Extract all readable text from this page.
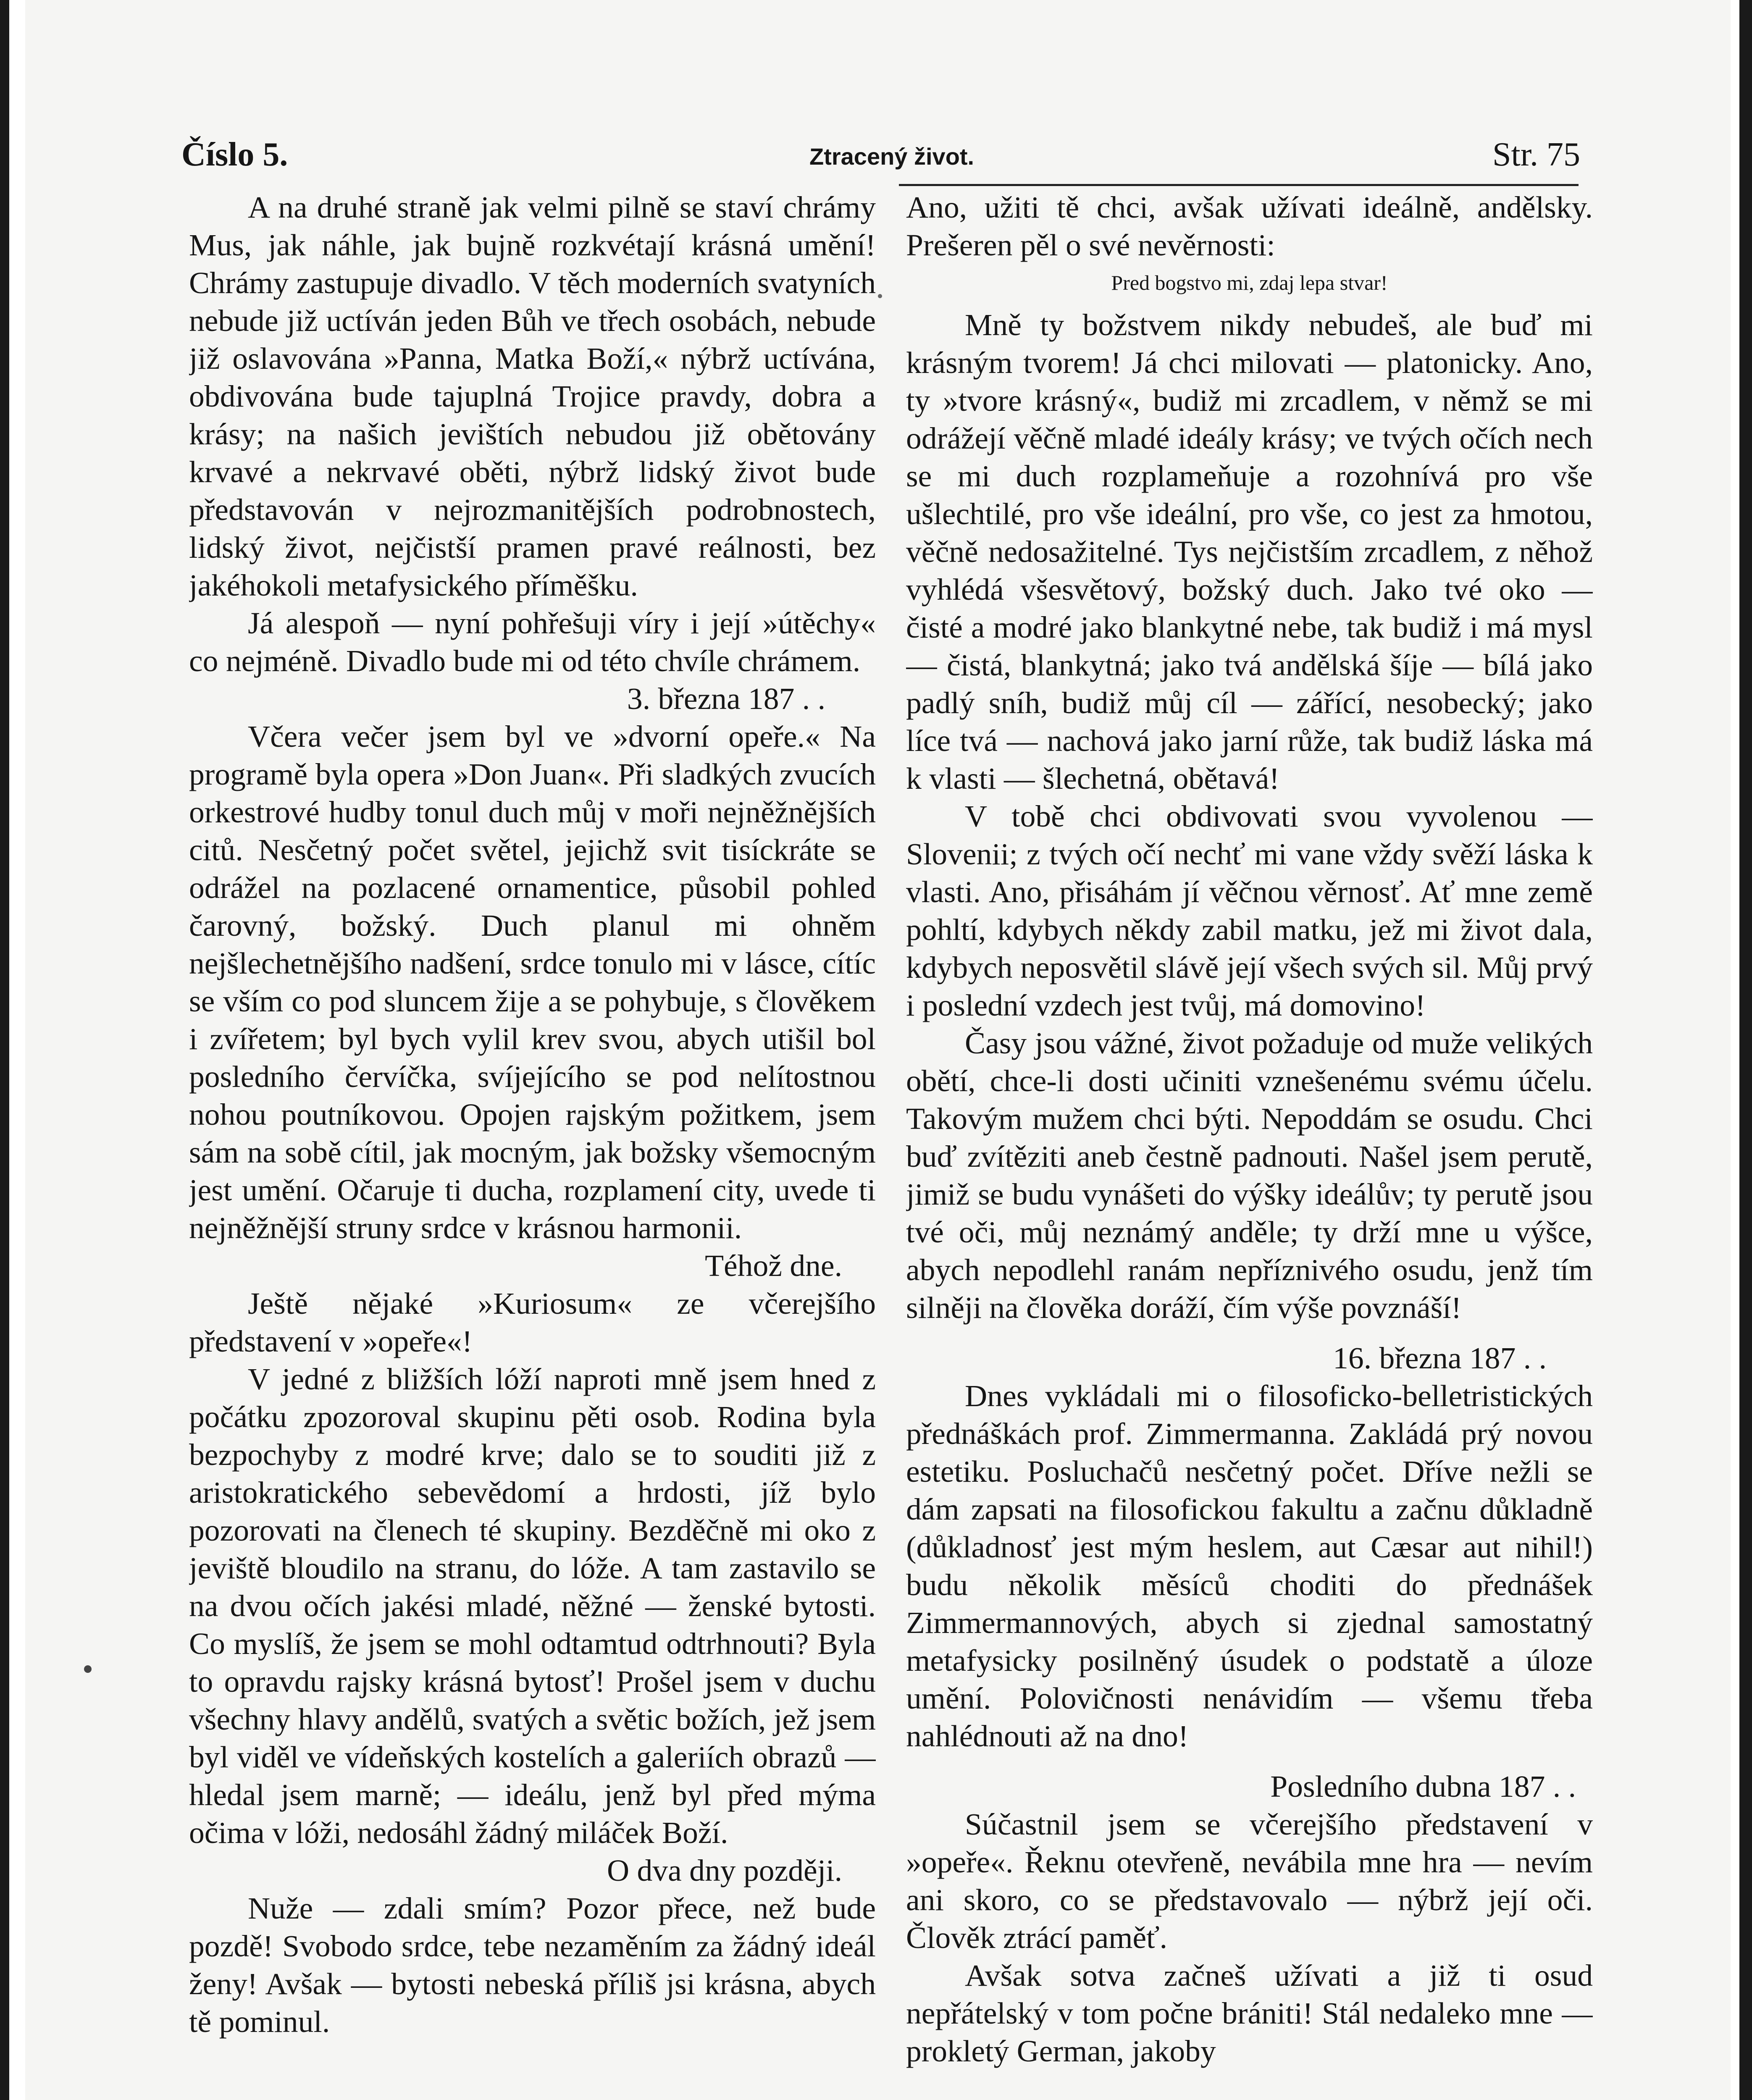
Číslo 5.	Ztracený život.	Str. 75

A na druhé straně jak velmi pilně se staví chrámy Mus, jak náhle, jak bujně rozkvétají krásná umění! Chrámy zastupuje divadlo. V těch moderních svatyních nebude již uctíván jeden Bůh ve třech osobách, nebude již oslavována »Panna, Matka Boží,« nýbrž uctívána, obdivována bude tajuplná Trojice pravdy, dobra a krásy; na našich jevištích nebudou již obětovány krvavé a nekrvavé oběti, nýbrž lidský život bude představován v nejrozmanitějších podrobnostech, lidský život, nejčistší pramen pravé reálnosti, bez jakéhokoli metafysického příměšku.

Já alespoň — nyní pohřešuji víry i její »útěchy« co nejméně. Divadlo bude mi od této chvíle chrámem.

3. března 187 . .

Včera večer jsem byl ve »dvorní opeře.« Na programě byla opera »Don Juan«. Při sladkých zvucích orkestrové hudby tonul duch můj v moři nejněžnějších citů. Nesčetný počet světel, jejichž svit tisíckráte se odrážel na pozlacené ornamentice, působil pohled čarovný, božský. Duch planul mi ohněm nejšlechetnějšího nadšení, srdce tonulo mi v lásce, cítíc se vším co pod sluncem žije a se pohybuje, s člověkem i zvířetem; byl bych vylil krev svou, abych utišil bol posledního červíčka, svíjejícího se pod nelítostnou nohou poutníkovou. Opojen rajským požitkem, jsem sám na sobě cítil, jak mocným, jak božsky všemocným jest umění. Očaruje ti ducha, rozplamení city, uvede ti nejněžnější struny srdce v krásnou harmonii.

Téhož dne.

Ještě nějaké »Kuriosum« ze včerejšího představení v »opeře«!

V jedné z bližších lóží naproti mně jsem hned z počátku zpozoroval skupinu pěti osob. Rodina byla bezpochyby z modré krve; dalo se to souditi již z aristokratického sebevědomí a hrdosti, jíž bylo pozorovati na členech té skupiny. Bezděčně mi oko z jeviště bloudilo na stranu, do lóže. A tam zastavilo se na dvou očích jakési mladé, něžné — ženské bytosti. Co myslíš, že jsem se mohl odtamtud odtrhnouti? Byla to opravdu rajsky krásná bytosť! Prošel jsem v duchu všechny hlavy andělů, svatých a světic božích, jež jsem byl viděl ve vídeňských kostelích a galeriích obrazů — hledal jsem marně; — ideálu, jenž byl před mýma očima v lóži, nedosáhl žádný miláček Boží.

O dva dny později.

Nuže — zdali smím? Pozor přece, než bude pozdě! Svobodo srdce, tebe nezaměním za žádný ideál ženy! Avšak — bytosti nebeská příliš jsi krásna, abych tě pominul.

Ano, užiti tě chci, avšak užívati ideálně, andělsky. Prešeren pěl o své nevěrnosti:

Pred bogstvo mi, zdaj lepa stvar!

Mně ty božstvem nikdy nebudeš, ale buď mi krásným tvorem! Já chci milovati — platonicky. Ano, ty »tvore krásný«, budiž mi zrcadlem, v němž se mi odrážejí věčně mladé ideály krásy; ve tvých očích nech se mi duch rozplameňuje a rozohnívá pro vše ušlechtilé, pro vše ideální, pro vše, co jest za hmotou, věčně nedosažitelné. Tys nejčistším zrcadlem, z něhož vyhlédá všesvětový, božský duch. Jako tvé oko — čisté a modré jako blankytné nebe, tak budiž i má mysl — čistá, blankytná; jako tvá andělská šíje — bílá jako padlý sníh, budiž můj cíl — zářící, nesobecký; jako líce tvá — nachová jako jarní růže, tak budiž láska má k vlasti — šlechetná, obětavá!

V tobě chci obdivovati svou vyvolenou — Slovenii; z tvých očí nechť mi vane vždy svěží láska k vlasti. Ano, přisáhám jí věčnou věrnosť. Ať mne země pohltí, kdybych někdy zabil matku, jež mi život dala, kdybych neposvětil slávě její všech svých sil. Můj prvý i poslední vzdech jest tvůj, má domovino!

Časy jsou vážné, život požaduje od muže velikých obětí, chce-li dosti učiniti vznešenému svému účelu. Takovým mužem chci býti. Nepoddám se osudu. Chci buď zvítěziti aneb čestně padnouti. Našel jsem perutě, jimiž se budu vynášeti do výšky ideálův; ty perutě jsou tvé oči, můj neznámý anděle; ty drží mne u výšce, abych nepodlehl ranám nepříznivého osudu, jenž tím silněji na člověka doráží, čím výše povznáší!

16. března 187 . .

Dnes vykládali mi o filosoficko-belletristických přednáškách prof. Zimmermanna. Zakládá prý novou estetiku. Posluchačů nesčetný počet. Dříve nežli se dám zapsati na filosofickou fakultu a začnu důkladně (důkladnosť jest mým heslem, aut Cæsar aut nihil!) budu několik měsíců choditi do přednášek Zimmermannových, abych si zjednal samostatný metafysicky posilněný úsudek o podstatě a úloze umění. Polovičnosti nenávidím — všemu třeba nahlédnouti až na dno!

Posledního dubna 187 . .

Súčastnil jsem se včerejšího představení v »opeře«. Řeknu otevřeně, nevábila mne hra — nevím ani skoro, co se představovalo — nýbrž její oči. Člověk ztrácí paměť.

Avšak sotva začneš užívati a již ti osud nepřátelský v tom počne brániti! Stál nedaleko mne — prokletý German, jakoby
